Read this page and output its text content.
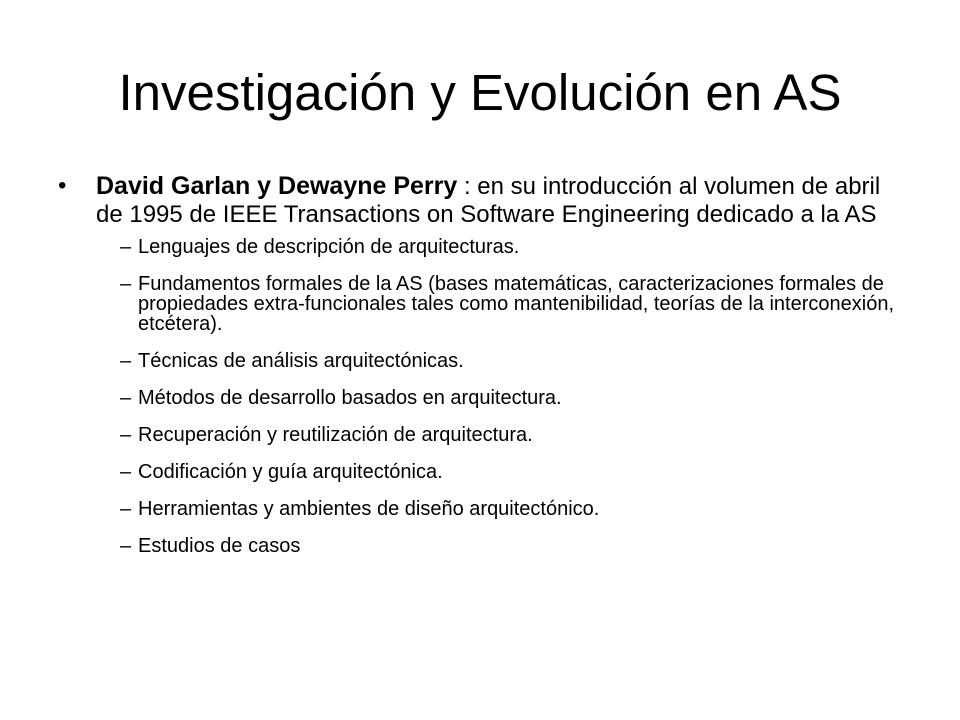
Investigación y Evolución en AS
• David Garlan y Dewayne Perry : en su introducción al volumen de abril de 1995 de IEEE Transactions on Software Engineering dedicado a la AS
– Lenguajes de descripción de arquitecturas.
– Fundamentos formales de la AS (bases matemáticas, caracterizaciones formales de propiedades extra-funcionales tales como mantenibilidad, teorías de la interconexión, etcétera).
– Técnicas de análisis arquitectónicas.
– Métodos de desarrollo basados en arquitectura.
– Recuperación y reutilización de arquitectura.
– Codificación y guía arquitectónica.
– Herramientas y ambientes de diseño arquitectónico.
– Estudios de casos
